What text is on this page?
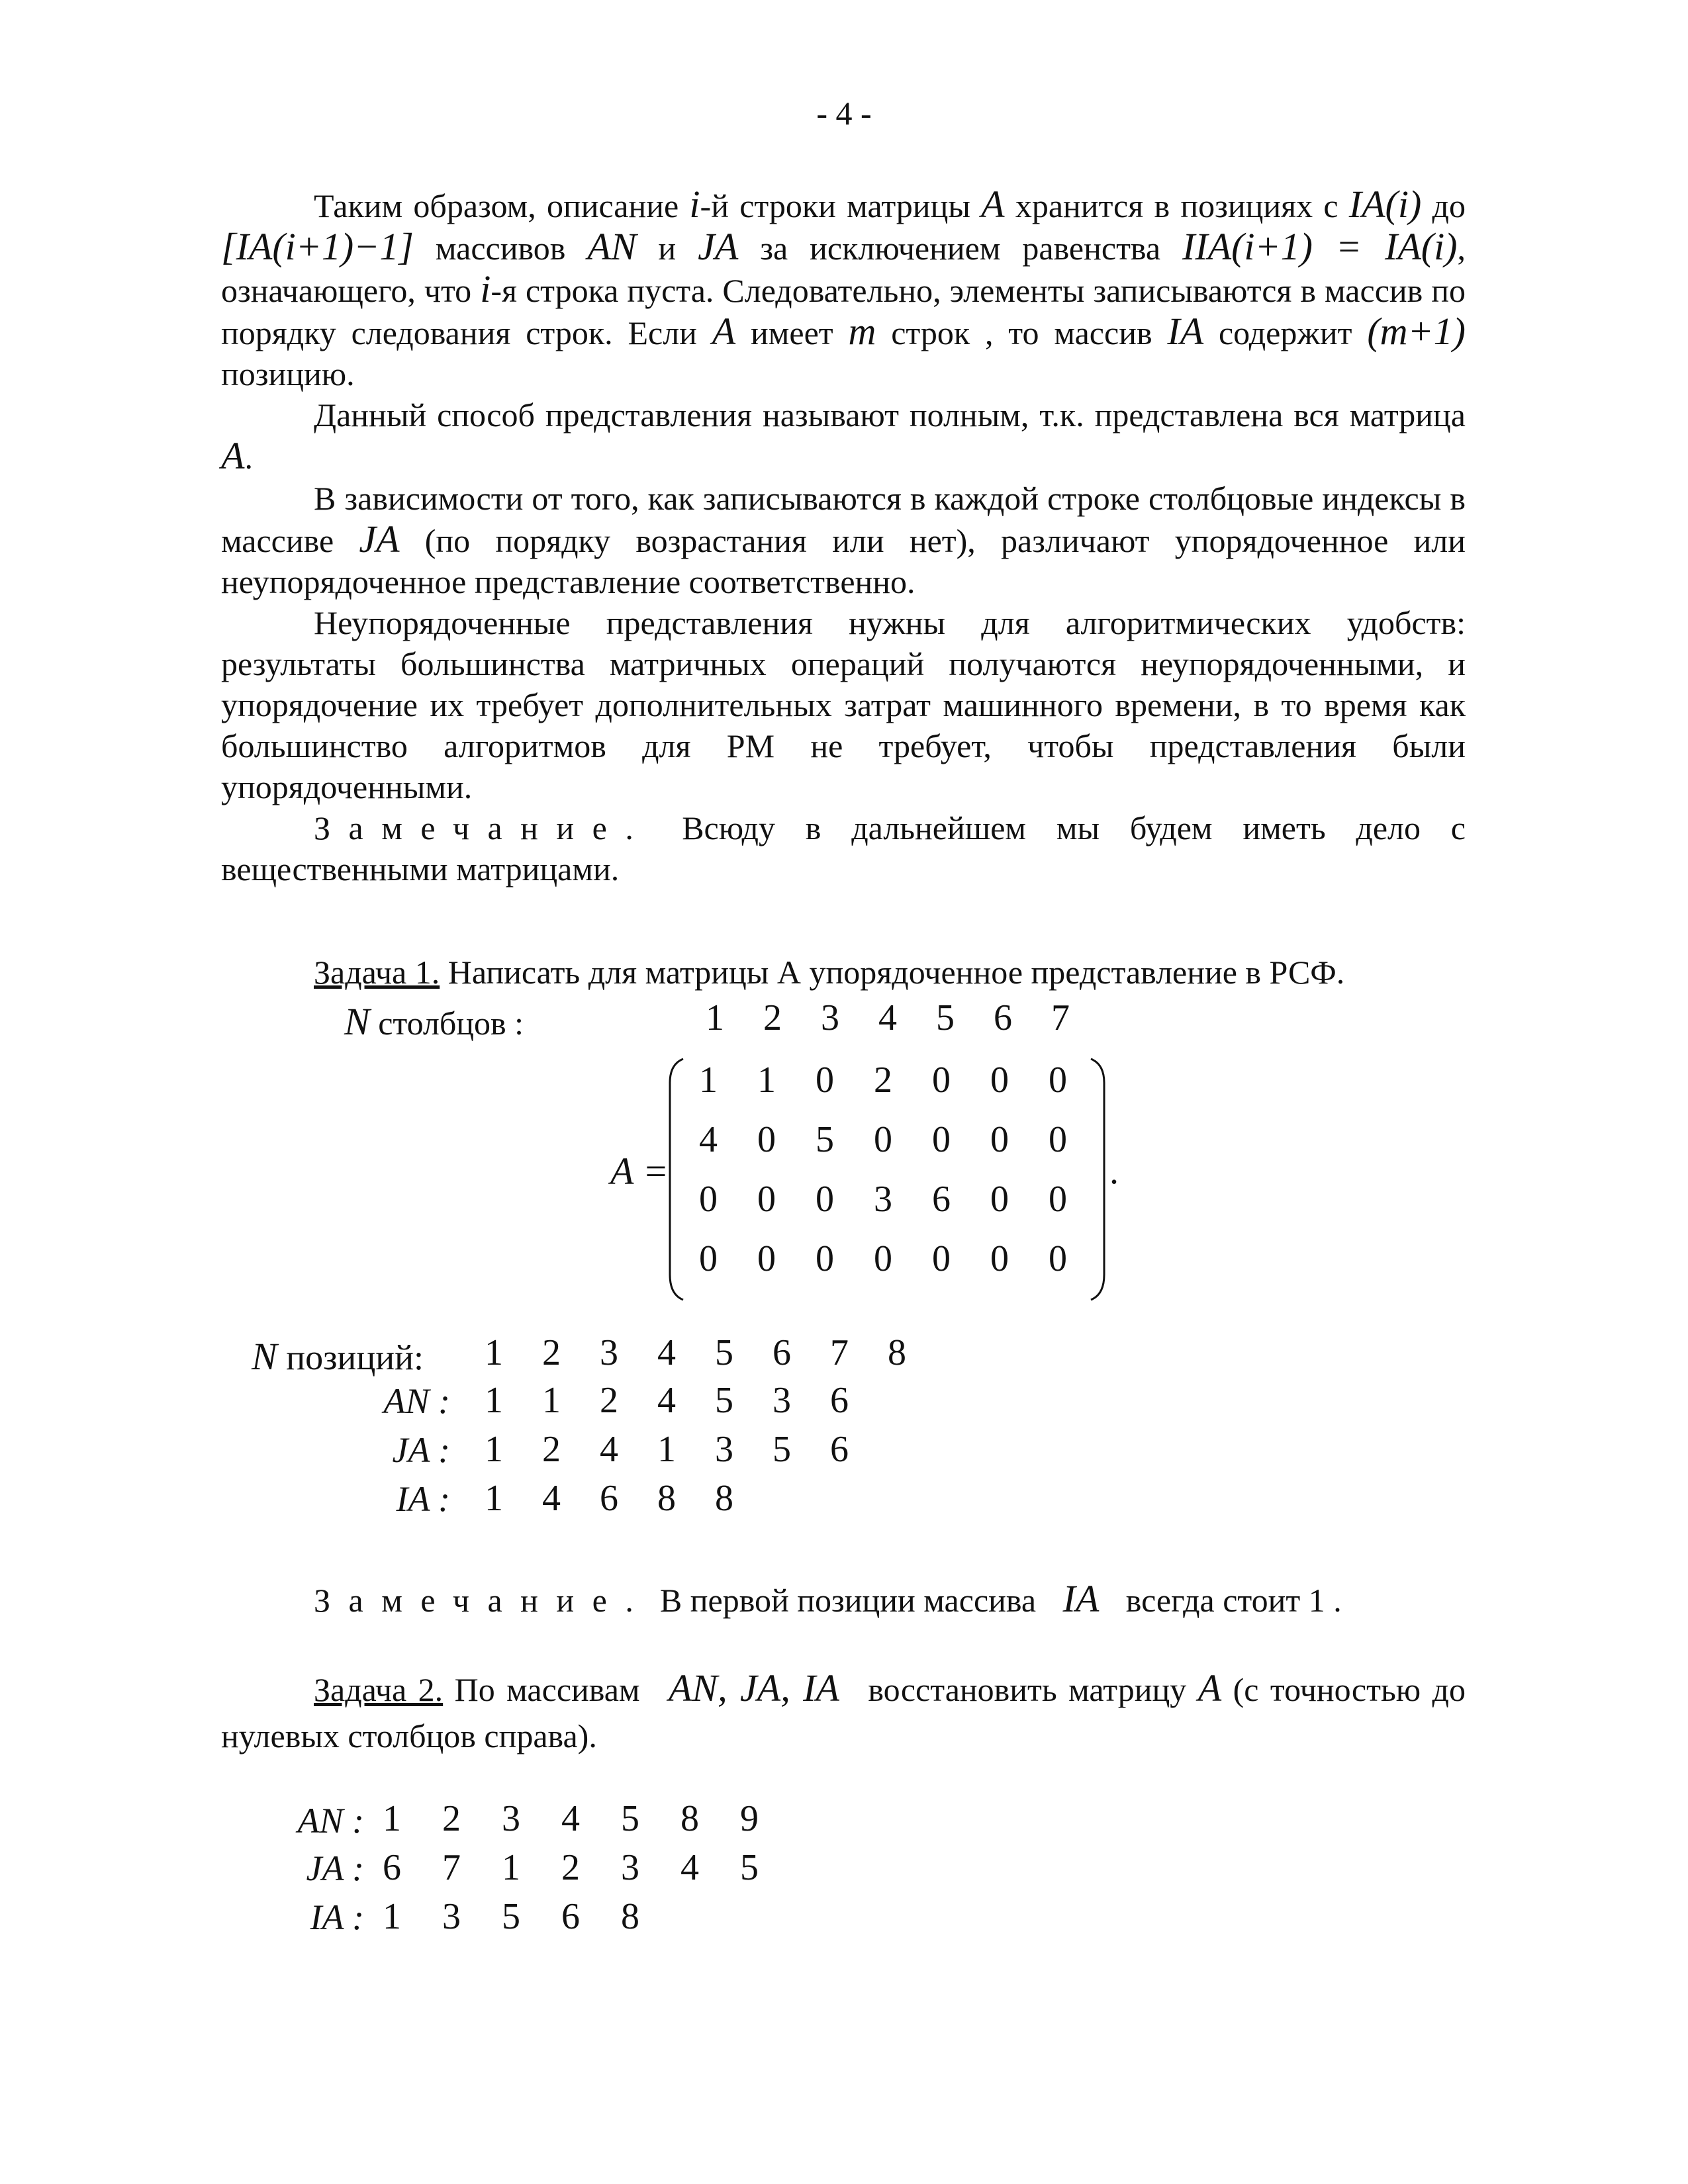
- 4 -

Таким образом, описание i-й строки матрицы A хранится в позициях с IA(i) до [IA(i+1)−1] массивов AN и JA за исключением равенства IIA(i+1) = IA(i), означающего, что i-я строка пуста. Следовательно, элементы записываются в массив по порядку следования строк. Если A имеет m строк , то массив IA содержит (m+1) позицию.

Данный способ представления называют полным, т.к. представлена вся матрица A.

В зависимости от того, как записываются в каждой строке столбцовые индексы в массиве JA (по порядку возрастания или нет), различают упорядоченное или неупорядоченное представление соответственно.

Неупорядоченные представления нужны для алгоритмических удобств: результаты большинства матричных операций получаются неупорядоченными, и упорядочение их требует дополнительных затрат машинного времени, в то время как большинство алгоритмов для РМ не требует, чтобы представления были упорядоченными.

Замечание. Всюду в дальнейшем мы будем иметь дело с вещественными матрицами.

Задача 1. Написать для матрицы А упорядоченное представление в РСФ.
N столбцов :	1 2 3 4 5 6 7
A =
1 1 0 2 0 0 0
4 0 5 0 0 0 0
0 0 0 3 6 0 0
0 0 0 0 0 0 0
.
N позиций:
AN :
JA :
IA :
1 2 3 4 5 6 7 8
1 1 2 4 5 3 6
1 2 4 1 3 5 6
1 4 6 8 8
Замечание. В первой позиции массива IA всегда стоит 1 .
Задача 2. По массивам AN, JA, IA восстановить матрицу A (с точностью до нулевых столбцов справа).
AN :
JA :
IA :
1 2 3 4 5 8 9
6 7 1 2 3 4 5
1 3 5 6 8
